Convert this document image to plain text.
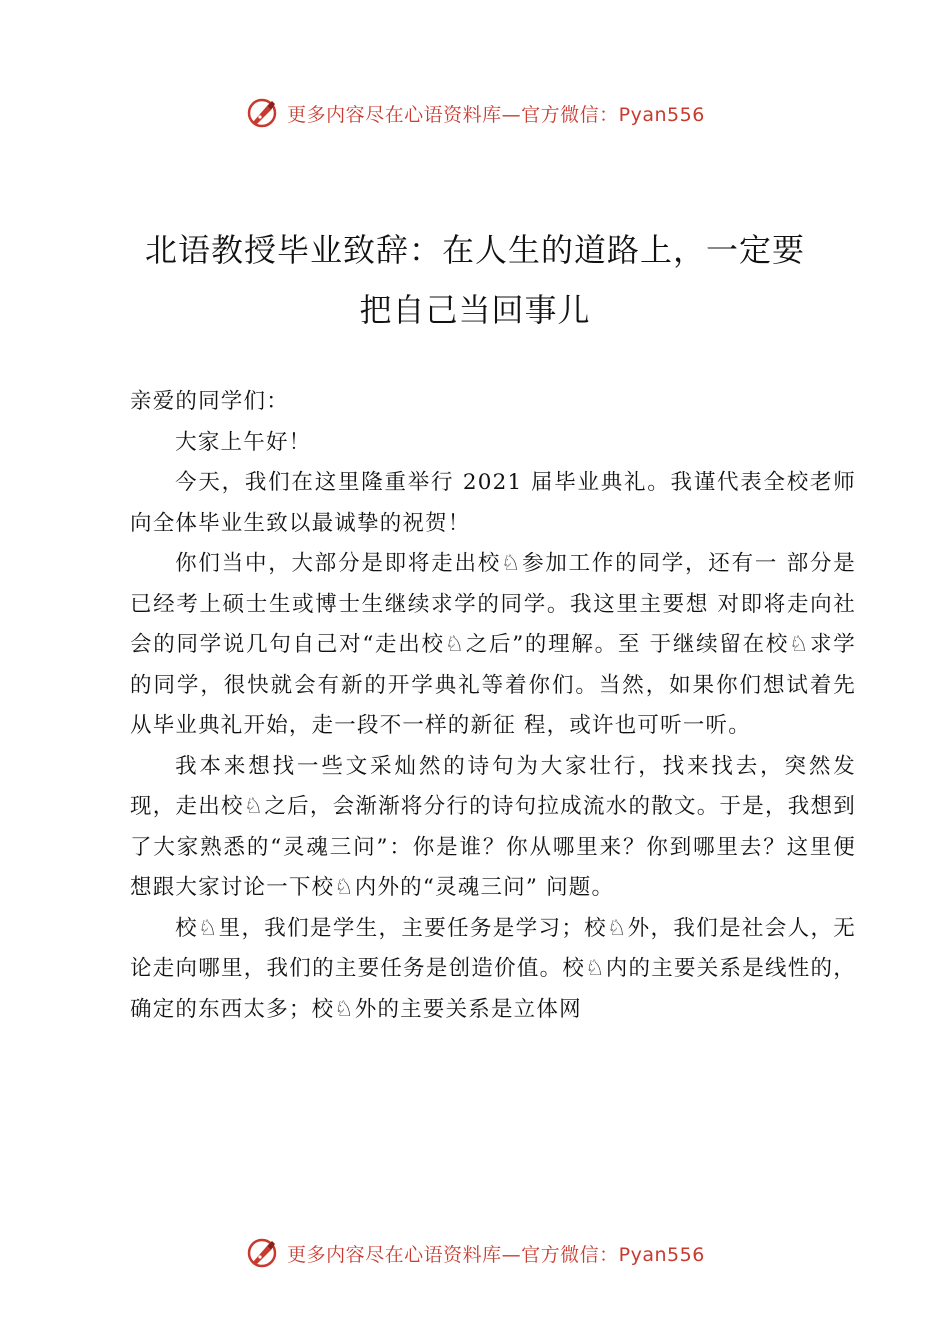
更多内容尽在心语资料库—官方微信：Pyan556
北语教授毕业致辞：在人生的道路上，一定要
把自己当回事儿

亲爱的同学们：

大家上午好！

今天，我们在这里隆重举行 2021 届毕业典礼。我谨代表全校老师向全体毕业生致以最诚挚的祝贺！

你们当中，大部分是即将走出校♘参加工作的同学，还有一 部分是已经考上硕士生或博士生继续求学的同学。我这里主要想 对即将走向社会的同学说几句自己对“走出校♘之后”的理解。至 于继续留在校♘求学的同学，很快就会有新的开学典礼等着你们。当然，如果你们想试着先从毕业典礼开始，走一段不一样的新征 程，或许也可听一听。

我本来想找一些文采灿然的诗句为大家壮行，找来找去，突然发现，走出校♘之后，会渐渐将分行的诗句拉成流水的散文。于是，我想到了大家熟悉的“灵魂三问”：你是谁？你从哪里来？你到哪里去？这里便想跟大家讨论一下校♘内外的“灵魂三问” 问题。

校♘里，我们是学生，主要任务是学习；校♘外，我们是社会人，无论走向哪里，我们的主要任务是创造价值。校♘内的主要关系是线性的，确定的东西太多；校♘外的主要关系是立体网

更多内容尽在心语资料库—官方微信：Pyan556
